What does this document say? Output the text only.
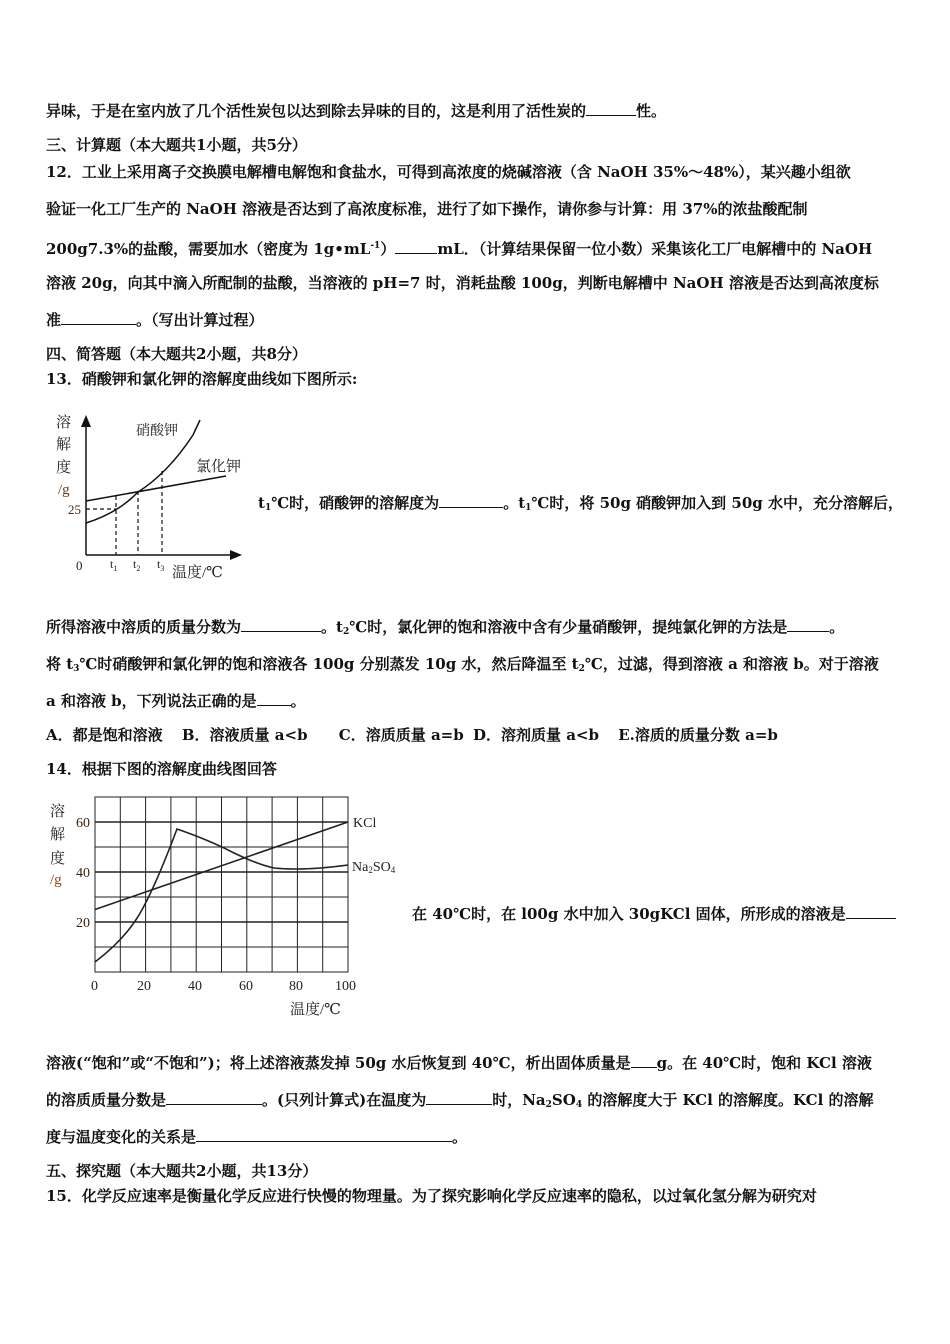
异味，于是在室内放了几个活性炭包以达到除去异味的目的，这是利用了活性炭的	性。
三、计算题（本大题共1小题，共5分）
12．工业上采用离子交换膜电解槽电解饱和食盐水，可得到高浓度的烧碱溶液（含 NaOH 35%～48%），某兴趣小组欲
验证一化工厂生产的 NaOH 溶液是否达到了高浓度标准，进行了如下操作，请你参与计算：用 37%的浓盐酸配制
200g7.3%的盐酸，需要加水（密度为 $1g•mL^{-1}$）	mL．（计算结果保留一位小数）采集该化工厂电解槽中的 NaOH
溶液 20g，向其中滴入所配制的盐酸，当溶液的 pH=7 时，消耗盐酸 100g，判断电解槽中 NaOH 溶液是否达到高浓度标
准	。（写出计算过程）
四、简答题（本大题共2小题，共8分）
13．硝酸钾和氯化钾的溶解度曲线如下图所示:
溶
解
度
/g
25
0 $t_1$ $t_2$ $t_3$ 温度/℃
硝酸钾
氯化钾
$t_1℃$时，硝酸钾的溶解度为	。$t_1℃$时，将 50g 硝酸钾加入到 50g 水中，充分溶解后，
所得溶液中溶质的质量分数为	。$t_2℃$时，氯化钾的饱和溶液中含有少量硝酸钾，提纯氯化钾的方法是	。
将 $t_3℃$时硝酸钾和氯化钾的饱和溶液各 100g 分别蒸发 10g 水，然后降温至 $t_2℃$，过滤，得到溶液 a 和溶液 b。对于溶液
a 和溶液 b，下列说法正确的是 。
A．都是饱和溶液 B．溶液质量 a<b C．溶质质量 a=b D．溶剂质量 a<b E.溶质的质量分数 a=b
14．根据下图的溶解度曲线图回答
溶
解
度
/g
60
40
20
0	20	40	60	80 100
温度/℃
KCl
Na2SO4
在 40℃时，在 l00g 水中加入 30gKCl 固体，所形成的溶液是
溶液(“饱和”或“不饱和”)；将上述溶液蒸发掉 50g 水后恢复到 40℃，析出固体质量是 g。在 40℃时，饱和 KCl 溶液
的溶质质量分数是	。(只列计算式)在温度为	时，$Na_2SO_4$ 的溶解度大于 KCl 的溶解度。KCl 的溶解
度与温度变化的关系是	。
五、探究题（本大题共2小题，共13分）
15．化学反应速率是衡量化学反应进行快慢的物理量。为了探究影响化学反应速率的隐私，以过氧化氢分解为研究对
